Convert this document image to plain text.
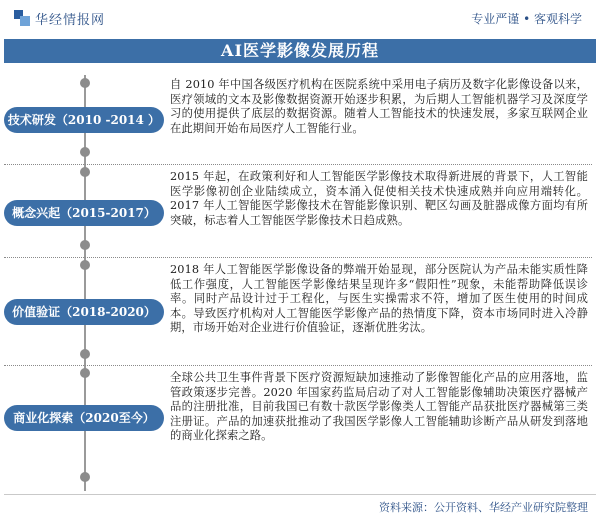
华经情报网	专业严谨 • 客观科学
AI医学影像发展历程
自 2010 年中国各级医疗机构在医院系统中采用电子病历及数字化影像设备以来，医疗领域的文本及影像数据资源开始逐步积累，为后期人工智能机器学习及深度学习的使用提供了底层的数据资源。随着人工智能技术的快速发展，多家互联网企业在此期间开始布局医疗人工智能行业。
技术研发（2010 -2014 ）
2015 年起，在政策利好和人工智能医学影像技术取得新进展的背景下，人工智能医学影像初创企业陆续成立，资本涌入促使相关技术快速成熟并向应用端转化。2017 年人工智能医学影像技术在智能影像识别、靶区勾画及脏器成像方面均有所突破，标志着人工智能医学影像技术日趋成熟。
概念兴起（2015-2017）
2018 年人工智能医学影像设备的弊端开始显现，部分医院认为产品未能实质性降低工作强度，人工智能医学影像结果呈现许多“假阳性”现象，未能帮助降低误诊率。同时产品设计过于工程化，与医生实操需求不符，增加了医生使用的时间成本。导致医疗机构对人工智能医学影像产品的热情度下降，资本市场同时进入冷静期，市场开始对企业进行价值验证，逐渐优胜劣汰。
价值验证（2018-2020）
全球公共卫生事件背景下医疗资源短缺加速推动了影像智能化产品的应用落地，监管政策逐步完善。2020 年国家药监局启动了对人工智能影像辅助决策医疗器械产品的注册批准，目前我国已有数十款医学影像类人工智能产品获批医疗器械第三类注册证。产品的加速获批推动了我国医学影像人工智能辅助诊断产品从研发到落地的商业化探索之路。
商业化探索（2020至今）
资料来源：公开资料、华经产业研究院整理
